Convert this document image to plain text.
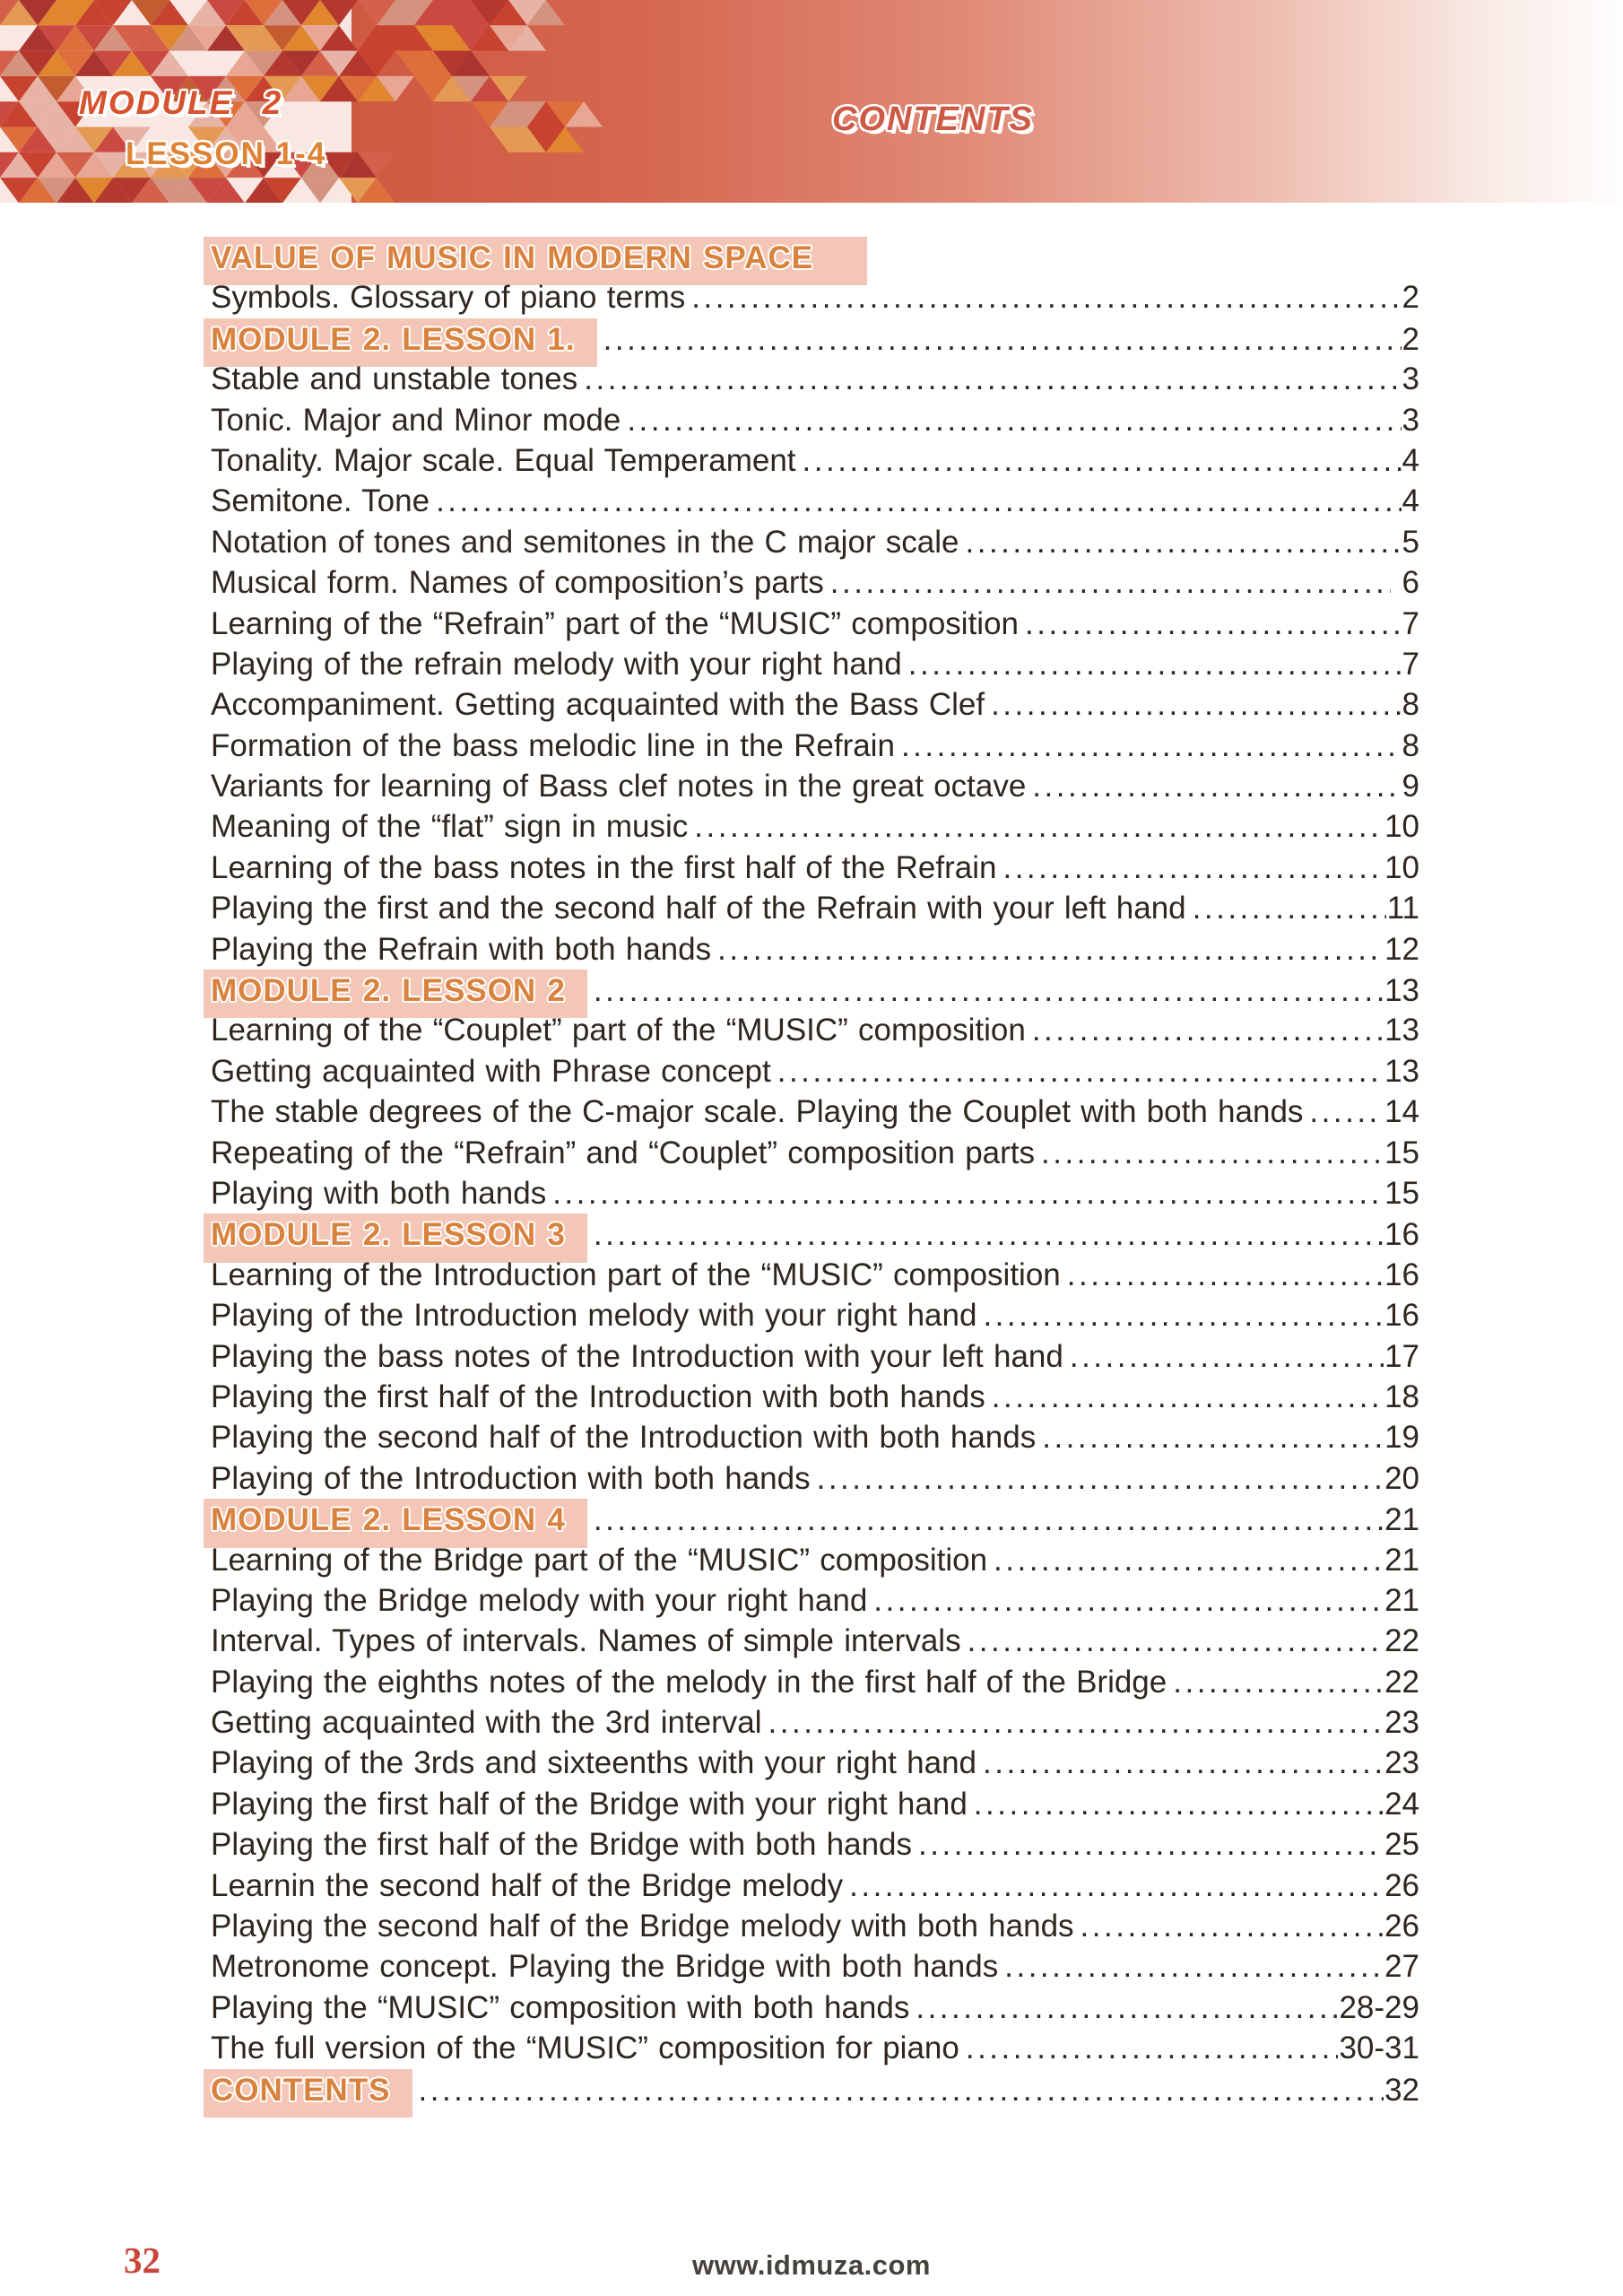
MODULE 2
LESSON 1-4
CONTENTS
VALUE OF MUSIC IN MODERN SPACE
Symbols. Glossary of piano terms .....	2
MODULE 2. LESSON 1. .....	2
Stable and unstable tones .....	3
Tonic. Major and Minor mode .....	3
Tonality. Major scale. Equal Temperament .....	4
Semitone. Tone .....	4
Notation of tones and semitones in the C major scale .....	5
Musical form. Names of composition’s parts .....	6
Learning of the “Refrain” part of the “MUSIC” composition .....	7
Playing of the refrain melody with your right hand .....	7
Accompaniment. Getting acquainted with the Bass Clef .....	8
Formation of the bass melodic line in the Refrain .....	8
Variants for learning of Bass clef notes in the great octave .....	9
Meaning of the “flat” sign in music .....	10
Learning of the bass notes in the first half of the Refrain .....	10
Playing the first and the second half of the Refrain with your left hand .....	11
Playing the Refrain with both hands .....	12
MODULE 2. LESSON 2 .....	13
Learning of the “Couplet” part of the “MUSIC” composition .....	13
Getting acquainted with Phrase concept .....	13
The stable degrees of the C-major scale. Playing the Couplet with both hands .....	14
Repeating of the “Refrain” and “Couplet” composition parts .....	15
Playing with both hands .....	15
MODULE 2. LESSON 3 .....	16
Learning of the Introduction part of the “MUSIC” composition .....	16
Playing of the Introduction melody with your right hand .....	16
Playing the bass notes of the Introduction with your left hand .....	17
Playing the first half of the Introduction with both hands .....	18
Playing the second half of the Introduction with both hands .....	19
Playing of the Introduction with both hands .....	20
MODULE 2. LESSON 4 .....	21
Learning of the Bridge part of the “MUSIC” composition .....	21
Playing the Bridge melody with your right hand .....	21
Interval. Types of intervals. Names of simple intervals .....	22
Playing the eighths notes of the melody in the first half of the Bridge .....	22
Getting acquainted with the 3rd interval .....	23
Playing of the 3rds and sixteenths with your right hand .....	23
Playing the first half of the Bridge with your right hand .....	24
Playing the first half of the Bridge with both hands .....	25
Learnin the second half of the Bridge melody .....	26
Playing the second half of the Bridge melody with both hands .....	26
Metronome concept. Playing the Bridge with both hands .....	27
Playing the “MUSIC” composition with both hands .....	28-29
The full version of the “MUSIC” composition for piano .....	30-31
CONTENTS .....	32
32	www.idmuza.com
